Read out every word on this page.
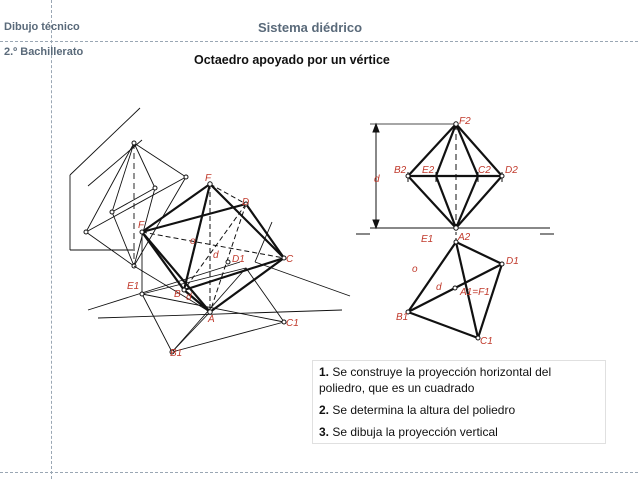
Dibujo técnico
2.º Bachillerato
Sistema diédrico
Octaedro apoyado por un vértice
F2
B2 E2	C2 D2
A2
d
E1
D1
A1=F1
B1
C1
o
d
F
D
F
C
A
B
o
d D1
d
E1
B1
C1
1. Se construye la proyección horizontal del poliedro, que es un cuadrado
2. Se determina la altura del poliedro
3. Se dibuja la proyección vertical
